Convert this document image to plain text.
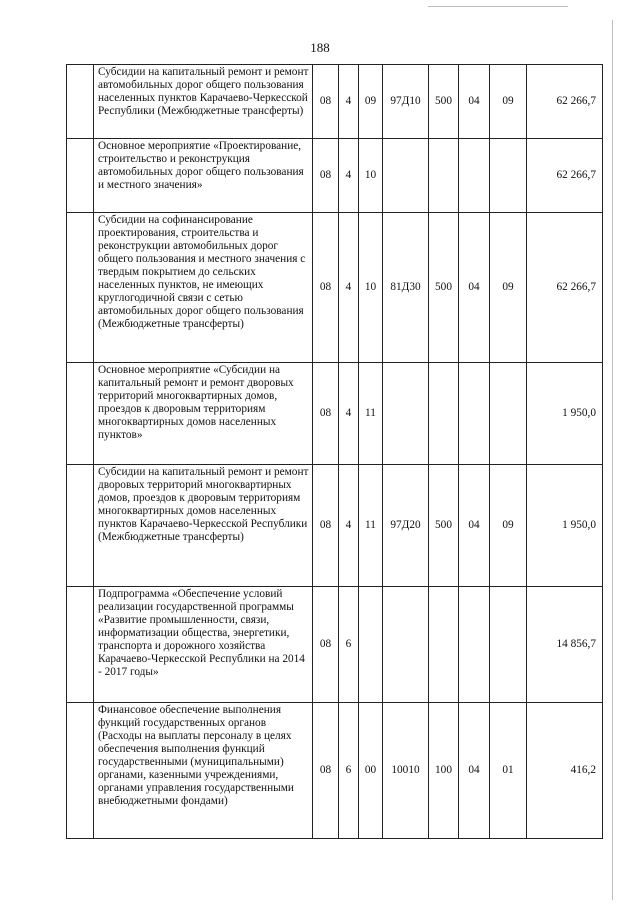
188
	Субсидии на капитальный ремонт и ремонт автомобильных дорог общего пользования населенных пунктов Карачаево-Черкесской Республики (Межбюджетные трансферты)	08	4	09	97Д10	500	04	09	62 266,7
	Основное мероприятие «Проектирование, строительство и реконструкция автомобильных дорог общего пользования и местного значения»	08	4	10					62 266,7
	Субсидии на софинансирование проектирования, строительства и реконструкции автомобильных дорог общего пользования и местного значения с твердым покрытием до сельских населенных пунктов, не имеющих круглогодичной связи с сетью автомобильных дорог общего пользования (Межбюджетные трансферты)	08	4	10	81Д30	500	04	09	62 266,7
	Основное мероприятие «Субсидии на капитальный ремонт и ремонт дворовых территорий многоквартирных домов, проездов к дворовым территориям многоквартирных домов населенных пунктов»	08	4	11					1 950,0
	Субсидии на капитальный ремонт и ремонт дворовых территорий многоквартирных домов, проездов к дворовым территориям многоквартирных домов населенных пунктов Карачаево-Черкесской Республики (Межбюджетные трансферты)	08	4	11	97Д20	500	04	09	1 950,0
	Подпрограмма «Обеспечение условий реализации государственной программы «Развитие промышленности, связи, информатизации общества, энергетики, транспорта и дорожного хозяйства Карачаево-Черкесской Республики на 2014 - 2017 годы»	08	6						14 856,7
	Финансовое обеспечение выполнения функций государственных органов (Расходы на выплаты персоналу в целях обеспечения выполнения функций государственными (муниципальными) органами, казенными учреждениями, органами управления государственными внебюджетными фондами)	08	6	00	10010	100	04	01	416,2
